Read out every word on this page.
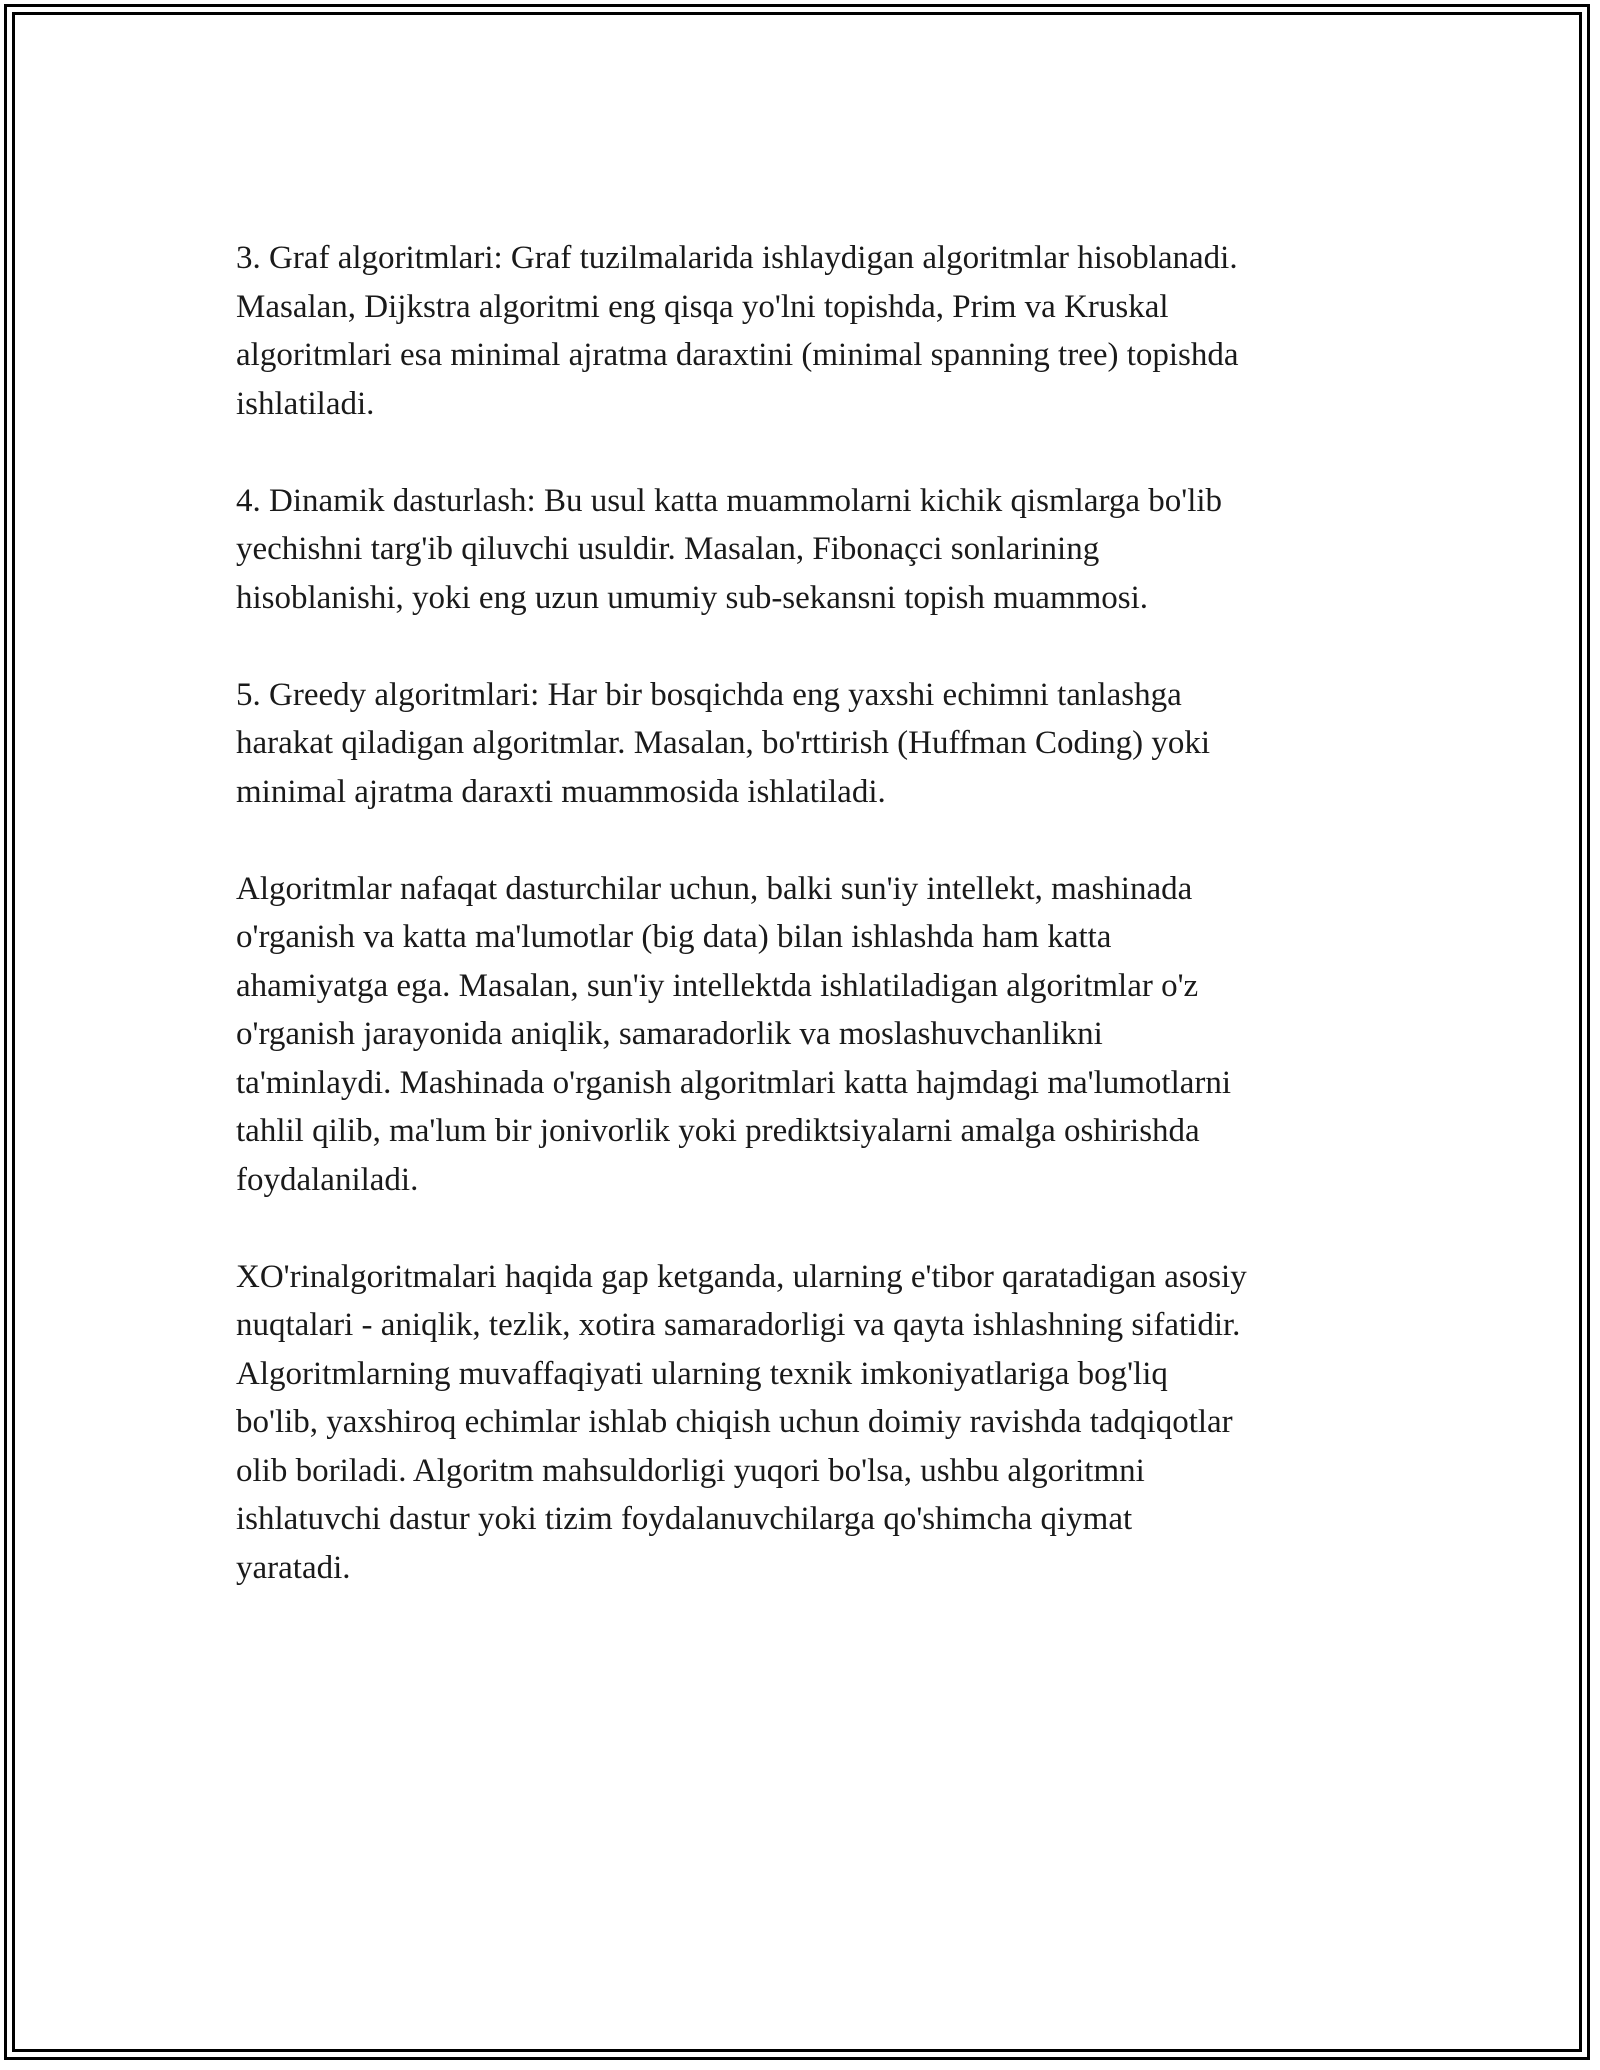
3. Graf algoritmlari: Graf tuzilmalarida ishlaydigan algoritmlar hisoblanadi.
Masalan, Dijkstra algoritmi eng qisqa yo'lni topishda, Prim va Kruskal
algoritmlari esa minimal ajratma daraxtini (minimal spanning tree) topishda
ishlatiladi.

4. Dinamik dasturlash: Bu usul katta muammolarni kichik qismlarga bo'lib
yechishni targ'ib qiluvchi usuldir. Masalan, Fibonaçci sonlarining
hisoblanishi, yoki eng uzun umumiy sub-sekansni topish muammosi.

5. Greedy algoritmlari: Har bir bosqichda eng yaxshi echimni tanlashga
harakat qiladigan algoritmlar. Masalan, bo'rttirish (Huffman Coding) yoki
minimal ajratma daraxti muammosida ishlatiladi.

Algoritmlar nafaqat dasturchilar uchun, balki sun'iy intellekt, mashinada
o'rganish va katta ma'lumotlar (big data) bilan ishlashda ham katta
ahamiyatga ega. Masalan, sun'iy intellektda ishlatiladigan algoritmlar o'z
o'rganish jarayonida aniqlik, samaradorlik va moslashuvchanlikni
ta'minlaydi. Mashinada o'rganish algoritmlari katta hajmdagi ma'lumotlarni
tahlil qilib, ma'lum bir jonivorlik yoki prediktsiyalarni amalga oshirishda
foydalaniladi.

XO'rinalgoritmalari haqida gap ketganda, ularning e'tibor qaratadigan asosiy
nuqtalari - aniqlik, tezlik, xotira samaradorligi va qayta ishlashning sifatidir.
Algoritmlarning muvaffaqiyati ularning texnik imkoniyatlariga bog'liq
bo'lib, yaxshiroq echimlar ishlab chiqish uchun doimiy ravishda tadqiqotlar
olib boriladi. Algoritm mahsuldorligi yuqori bo'lsa, ushbu algoritmni
ishlatuvchi dastur yoki tizim foydalanuvchilarga qo'shimcha qiymat
yaratadi.
